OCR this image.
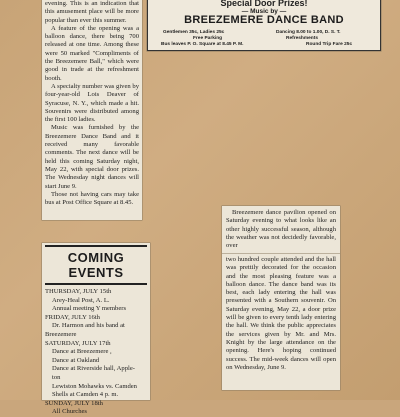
evening. This is an indication that this amusement place will be more popular than ever this summer.

A feature of the opening was a balloon dance, there being 700 released at one time. Among these were 50 marked "Compliments of the Breezemere Ball," which were good in trade at the refreshment booth.

A specialty number was given by four-year-old Lois Deaver of Syracuse, N. Y., which made a hit. Souvenirs were distributed among the first 100 ladies.

Music was furnished by the Breezemere Dance Band and it received many favorable comments. The next dance will be held this coming Saturday night, May 22, with special door prizes. The Wednesday night dances will start June 9.

Those not having cars may take bus at Post Office Square at 8.45.

Special Door Prizes!
— Music by —
BREEZEMERE DANCE BAND
Gentlemen 35c, Ladies 25c	Dancing 8.00 to 1.00, D. S. T.
Free Parking	Refreshments
Bus leaves P. O. Square at 8.45 P. M.	Round Trip Fare 25c

Breezemere dance pavilion opened on Saturday evening to what looks like an other highly successful season, although the weather was not decidedly favorable, over

two hundred couple attended and the hall was prettily decorated for the occasion and the most pleasing feature was a balloon dance. The dance band was its best, each lady entering the hall was presented with a Southern souvenir. On Saturday evening, May 22, a door prize will be given to every tenth lady entering the hall. We think the public appreciates the services given by Mr. and Mrs. Knight by the large attendance on the opening. Here's hoping continued success. The mid-week dances will open on Wednesday, June 9.

COMING EVENTS
THURSDAY, JULY 15th
Arey-Heal Post, A. L.
Annual meeting Y members
FRIDAY, JULY 16th
Dr. Harmon and his band at
Breezemere
SATURDAY, JULY 17th
Dance at Breezemere ,
Dance at Oakland
Dance at Riverside hall, Apple-
ton
Lewiston Mohawks vs. Camden
Shells at Camden 4 p. m.
SUNDAY, JULY 18th
All Churches
